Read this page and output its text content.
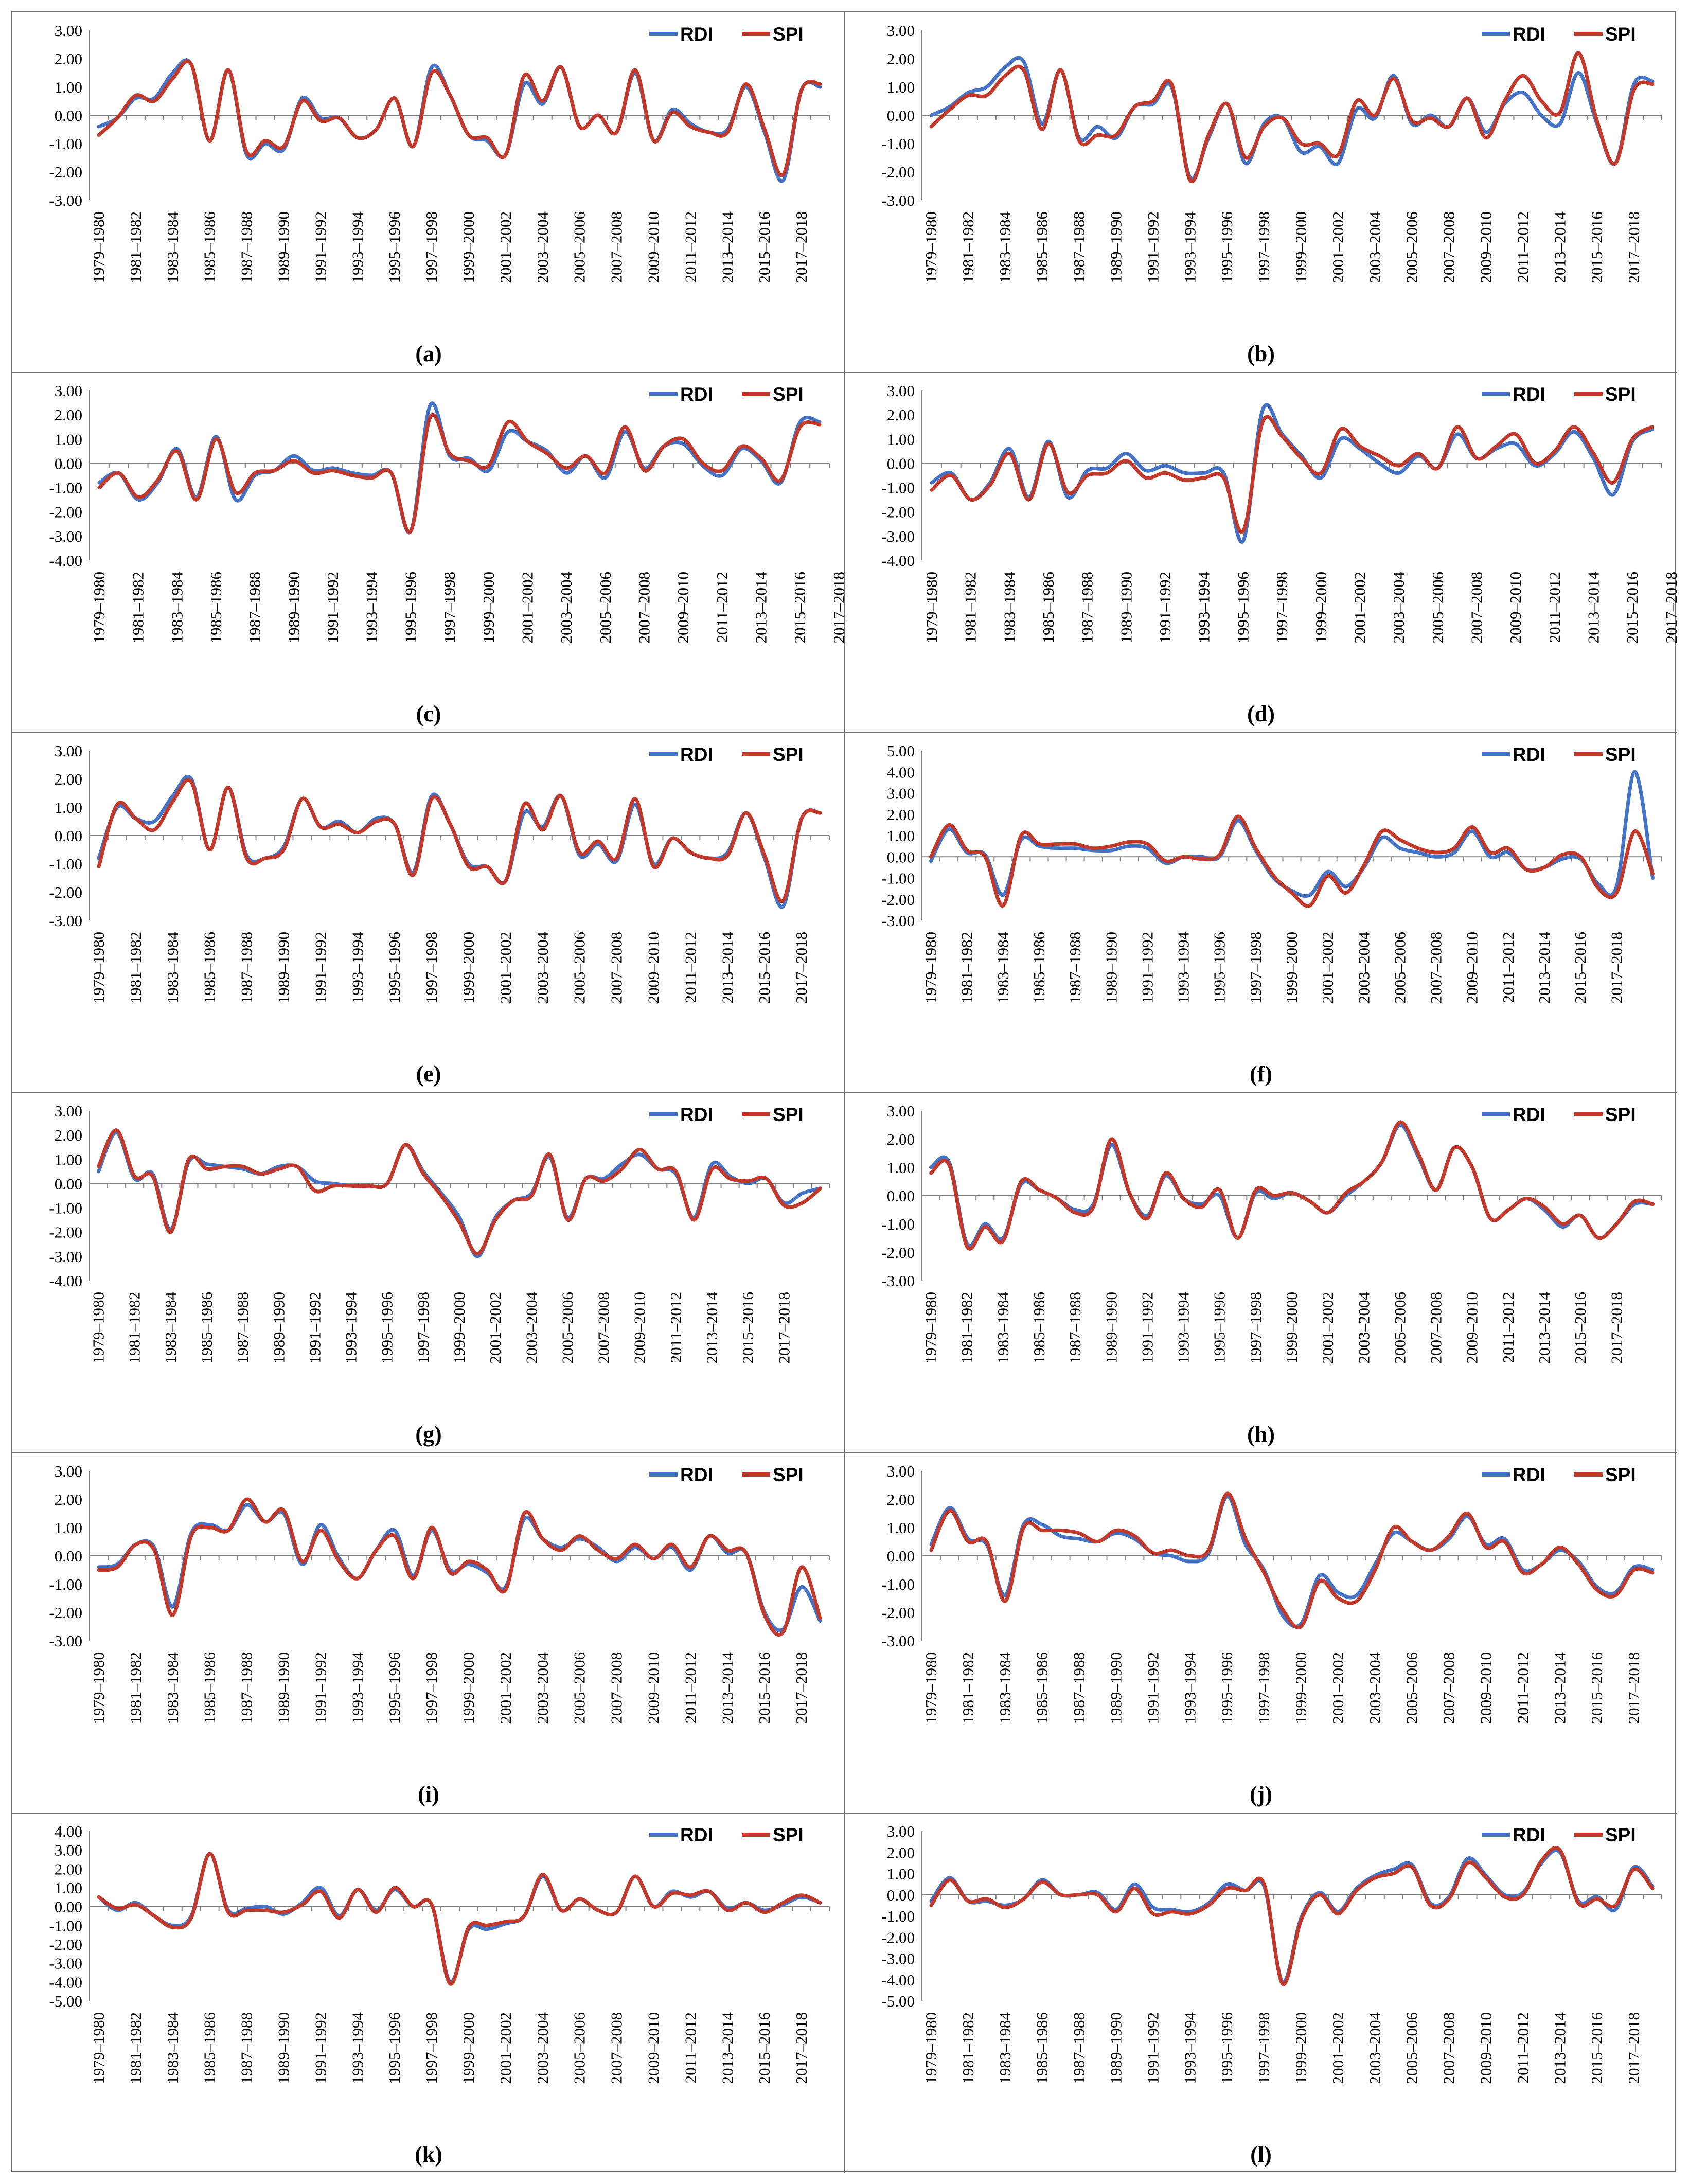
3.00
2.00
1.00
0.00
-1.00
-2.00
-3.00
1979–1980 1981–1982 1983–1984 1985–1986 1987–1988 1989–1990 1991–1992 1993–1994 1995–1996 1997–1998 1999–2000 2001–2002 2003–2004 2005–2006 2007–2008 2009–2010 2011–2012 2013–2014 2015–2016 2017–2018
RDI	SPI
(a)
3.00
2.00
1.00
0.00
-1.00
-2.00
-3.00
1979–1980 1981–1982 1983–1984 1985–1986 1987–1988 1989–1990 1991–1992 1993–1994 1995–1996 1997–1998 1999–2000 2001–2002 2003–2004 2005–2006 2007–2008 2009–2010 2011–2012 2013–2014 2015–2016 2017–2018
RDI	SPI
(b)
3.00
2.00
1.00
0.00
-1.00
-2.00
-3.00
-4.00
1979–1980 1981–1982 1983–1984 1985–1986 1987–1988 1989–1990 1991–1992 1993–1994 1995–1996 1997–1998 1999–2000 2001–2002 2003–2004 2005–2006 2007–2008 2009–2010 2011–2012 2013–2014 2015–2016 2017–2018
RDI	SPI
(c)
3.00
2.00
1.00
0.00
-1.00
-2.00
-3.00
-4.00
1979–1980 1981–1982 1983–1984 1985–1986 1987–1988 1989–1990 1991–1992 1993–1994 1995–1996 1997–1998 1999–2000 2001–2002 2003–2004 2005–2006 2007–2008 2009–2010 2011–2012 2013–2014 2015–2016 2017–2018
RDI	SPI
(d)
3.00
2.00
1.00
0.00
-1.00
-2.00
-3.00
1979–1980 1981–1982 1983–1984 1985–1986 1987–1988 1989–1990 1991–1992 1993–1994 1995–1996 1997–1998 1999–2000 2001–2002 2003–2004 2005–2006 2007–2008 2009–2010 2011–2012 2013–2014 2015–2016 2017–2018
RDI	SPI
(e)
5.00
4.00
3.00
2.00
1.00
0.00
-1.00
-2.00
-3.00
1979–1980 1981–1982 1983–1984 1985–1986 1987–1988 1989–1990 1991–1992 1993–1994 1995–1996 1997–1998 1999–2000 2001–2002 2003–2004 2005–2006 2007–2008 2009–2010 2011–2012 2013–2014 2015–2016 2017–2018
RDI	SPI
(f)
3.00
2.00
1.00
0.00
-1.00
-2.00
-3.00
-4.00
1979–1980 1981–1982 1983–1984 1985–1986 1987–1988 1989–1990 1991–1992 1993–1994 1995–1996 1997–1998 1999–2000 2001–2002 2003–2004 2005–2006 2007–2008 2009–2010 2011–2012 2013–2014 2015–2016 2017–2018
RDI	SPI
(g)
3.00
2.00
1.00
0.00
-1.00
-2.00
-3.00
1979–1980 1981–1982 1983–1984 1985–1986 1987–1988 1989–1990 1991–1992 1993–1994 1995–1996 1997–1998 1999–2000 2001–2002 2003–2004 2005–2006 2007–2008 2009–2010 2011–2012 2013–2014 2015–2016 2017–2018
RDI	SPI
(h)
3.00
2.00
1.00
0.00
-1.00
-2.00
-3.00
1979–1980 1981–1982 1983–1984 1985–1986 1987–1988 1989–1990 1991–1992 1993–1994 1995–1996 1997–1998 1999–2000 2001–2002 2003–2004 2005–2006 2007–2008 2009–2010 2011–2012 2013–2014 2015–2016 2017–2018
RDI	SPI
(i)
3.00
2.00
1.00
0.00
-1.00
-2.00
-3.00
1979–1980 1981–1982 1983–1984 1985–1986 1987–1988 1989–1990 1991–1992 1993–1994 1995–1996 1997–1998 1999–2000 2001–2002 2003–2004 2005–2006 2007–2008 2009–2010 2011–2012 2013–2014 2015–2016 2017–2018
RDI	SPI
(j)
4.00
3.00
2.00
1.00
0.00
-1.00
-2.00
-3.00
-4.00
-5.00
1979–1980 1981–1982 1983–1984 1985–1986 1987–1988 1989–1990 1991–1992 1993–1994 1995–1996 1997–1998 1999–2000 2001–2002 2003–2004 2005–2006 2007–2008 2009–2010 2011–2012 2013–2014 2015–2016 2017–2018
RDI	SPI
(k)
3.00
2.00
1.00
0.00
-1.00
-2.00
-3.00
-4.00
-5.00
1979–1980 1981–1982 1983–1984 1985–1986 1987–1988 1989–1990 1991–1992 1993–1994 1995–1996 1997–1998 1999–2000 2001–2002 2003–2004 2005–2006 2007–2008 2009–2010 2011–2012 2013–2014 2015–2016 2017–2018
RDI	SPI
(l)
